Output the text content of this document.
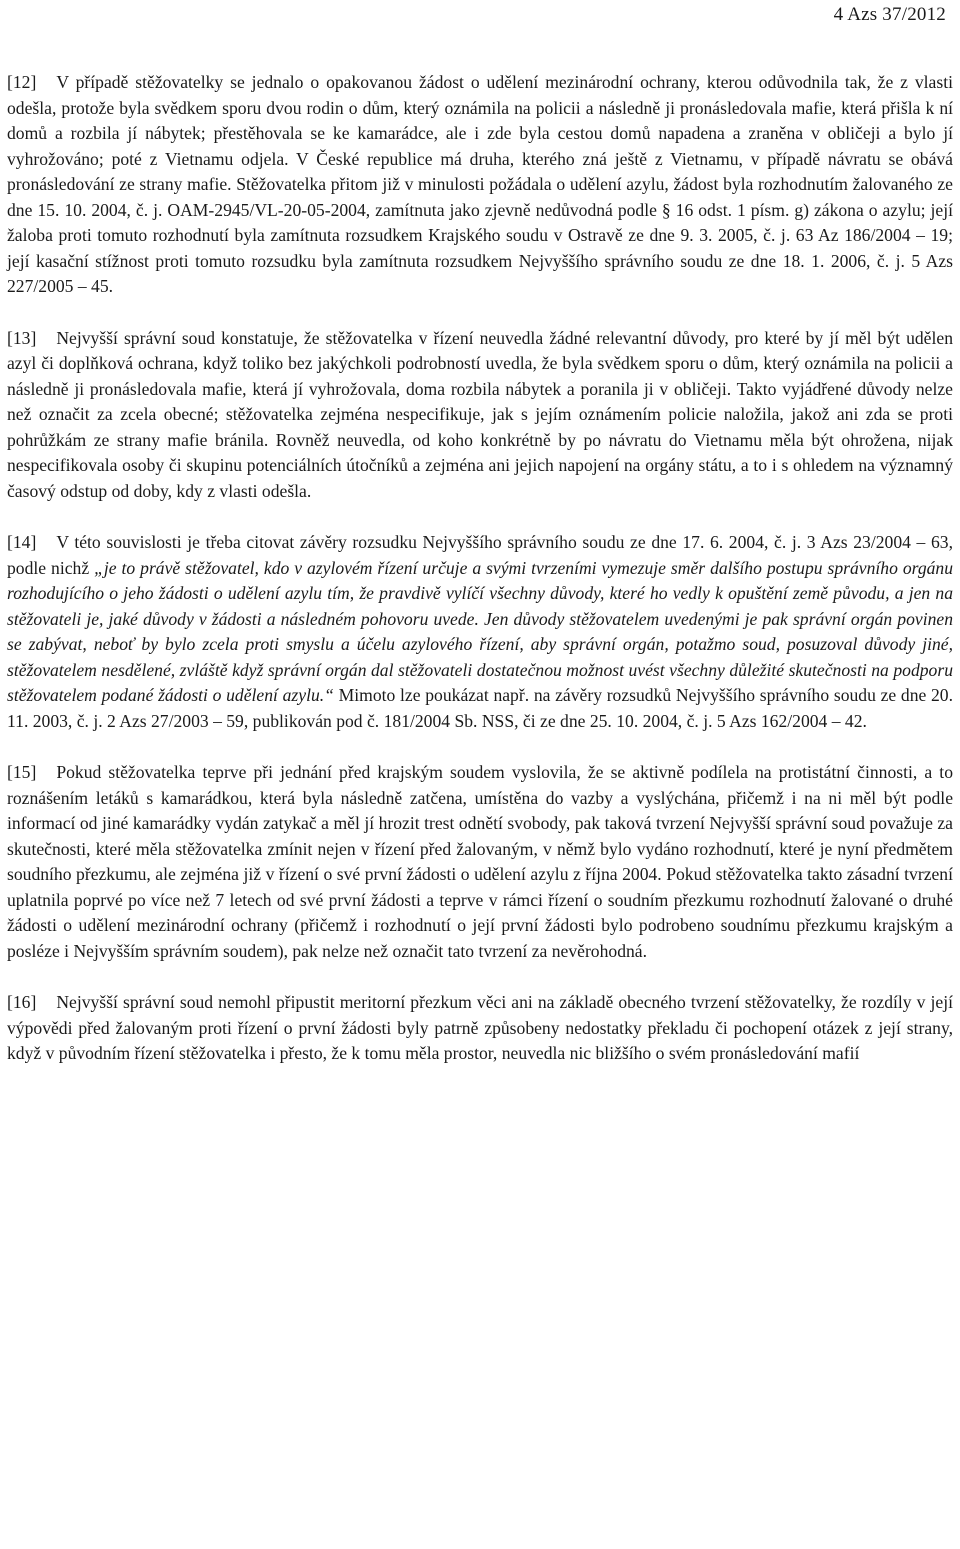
4 Azs 37/2012

[12] V případě stěžovatelky se jednalo o opakovanou žádost o udělení mezinárodní ochrany, kterou odůvodnila tak, že z vlasti odešla, protože byla svědkem sporu dvou rodin o dům, který oznámila na policii a následně ji pronásledovala mafie, která přišla k ní domů a rozbila jí nábytek; přestěhovala se ke kamarádce, ale i zde byla cestou domů napadena a zraněna v obličeji a bylo jí vyhrožováno; poté z Vietnamu odjela. V České republice má druha, kterého zná ještě z Vietnamu, v případě návratu se obává pronásledování ze strany mafie. Stěžovatelka přitom již v minulosti požádala o udělení azylu, žádost byla rozhodnutím žalovaného ze dne 15. 10. 2004, č. j. OAM-2945/VL-20-05-2004, zamítnuta jako zjevně nedůvodná podle § 16 odst. 1 písm. g) zákona o azylu; její žaloba proti tomuto rozhodnutí byla zamítnuta rozsudkem Krajského soudu v Ostravě ze dne 9. 3. 2005, č. j. 63 Az 186/2004 – 19; její kasační stížnost proti tomuto rozsudku byla zamítnuta rozsudkem Nejvyššího správního soudu ze dne 18. 1. 2006, č. j. 5 Azs 227/2005 – 45.

[13] Nejvyšší správní soud konstatuje, že stěžovatelka v řízení neuvedla žádné relevantní důvody, pro které by jí měl být udělen azyl či doplňková ochrana, když toliko bez jakýchkoli podrobností uvedla, že byla svědkem sporu o dům, který oznámila na policii a následně ji pronásledovala mafie, která jí vyhrožovala, doma rozbila nábytek a poranila ji v obličeji. Takto vyjádřené důvody nelze než označit za zcela obecné; stěžovatelka zejména nespecifikuje, jak s jejím oznámením policie naložila, jakož ani zda se proti pohrůžkám ze strany mafie bránila. Rovněž neuvedla, od koho konkrétně by po návratu do Vietnamu měla být ohrožena, nijak nespecifikovala osoby či skupinu potenciálních útočníků a zejména ani jejich napojení na orgány státu, a to i s ohledem na významný časový odstup od doby, kdy z vlasti odešla.

[14] V této souvislosti je třeba citovat závěry rozsudku Nejvyššího správního soudu ze dne 17. 6. 2004, č. j. 3 Azs 23/2004 – 63, podle nichž „je to právě stěžovatel, kdo v azylovém řízení určuje a svými tvrzeními vymezuje směr dalšího postupu správního orgánu rozhodujícího o jeho žádosti o udělení azylu tím, že pravdivě vylíčí všechny důvody, které ho vedly k opuštění země původu, a jen na stěžovateli je, jaké důvody v žádosti a následném pohovoru uvede. Jen důvody stěžovatelem uvedenými je pak správní orgán povinen se zabývat, neboť by bylo zcela proti smyslu a účelu azylového řízení, aby správní orgán, potažmo soud, posuzoval důvody jiné, stěžovatelem nesdělené, zvláště když správní orgán dal stěžovateli dostatečnou možnost uvést všechny důležité skutečnosti na podporu stěžovatelem podané žádosti o udělení azylu.“ Mimoto lze poukázat např. na závěry rozsudků Nejvyššího správního soudu ze dne 20. 11. 2003, č. j. 2 Azs 27/2003 – 59, publikován pod č. 181/2004 Sb. NSS, či ze dne 25. 10. 2004, č. j. 5 Azs 162/2004 – 42.

[15] Pokud stěžovatelka teprve při jednání před krajským soudem vyslovila, že se aktivně podílela na protistátní činnosti, a to roznášením letáků s kamarádkou, která byla následně zatčena, umístěna do vazby a vyslýchána, přičemž i na ni měl být podle informací od jiné kamarádky vydán zatykač a měl jí hrozit trest odnětí svobody, pak taková tvrzení Nejvyšší správní soud považuje za skutečnosti, které měla stěžovatelka zmínit nejen v řízení před žalovaným, v němž bylo vydáno rozhodnutí, které je nyní předmětem soudního přezkumu, ale zejména již v řízení o své první žádosti o udělení azylu z října 2004. Pokud stěžovatelka takto zásadní tvrzení uplatnila poprvé po více než 7 letech od své první žádosti a teprve v rámci řízení o soudním přezkumu rozhodnutí žalované o druhé žádosti o udělení mezinárodní ochrany (přičemž i rozhodnutí o její první žádosti bylo podrobeno soudnímu přezkumu krajským a posléze i Nejvyšším správním soudem), pak nelze než označit tato tvrzení za nevěrohodná.

[16] Nejvyšší správní soud nemohl připustit meritorní přezkum věci ani na základě obecného tvrzení stěžovatelky, že rozdíly v její výpovědi před žalovaným proti řízení o první žádosti byly patrně způsobeny nedostatky překladu či pochopení otázek z její strany, když v původním řízení stěžovatelka i přesto, že k tomu měla prostor, neuvedla nic bližšího o svém pronásledování mafií
